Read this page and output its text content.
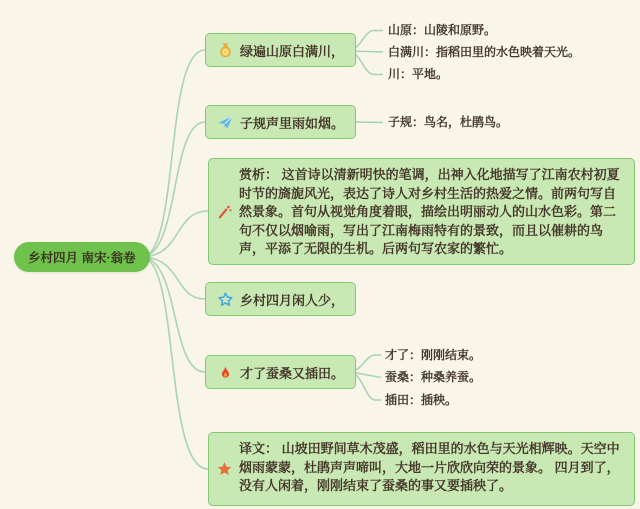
乡村四月 南宋·翁卷
绿遍山原白满川，
山原：山陵和原野。
白满川：指稻田里的水色映着天光。
川：平地。
子规声里雨如烟。	子规：鸟名，杜鹃鸟。
赏析： 这首诗以清新明快的笔调，出神入化地描写了江南农村初夏时节的旖旎风光，表达了诗人对乡村生活的热爱之情。前两句写自然景象。首句从视觉角度着眼，描绘出明丽动人的山水色彩。第二句不仅以烟喻雨，写出了江南梅雨特有的景致，而且以催耕的鸟声，平添了无限的生机。后两句写农家的繁忙。
乡村四月闲人少，
才了蚕桑又插田。
才了：刚刚结束。
蚕桑：种桑养蚕。
插田：插秧。
译文： 山坡田野间草木茂盛，稻田里的水色与天光相辉映。天空中烟雨蒙蒙，杜鹃声声啼叫，大地一片欣欣向荣的景象。 四月到了，没有人闲着，刚刚结束了蚕桑的事又要插秧了。
